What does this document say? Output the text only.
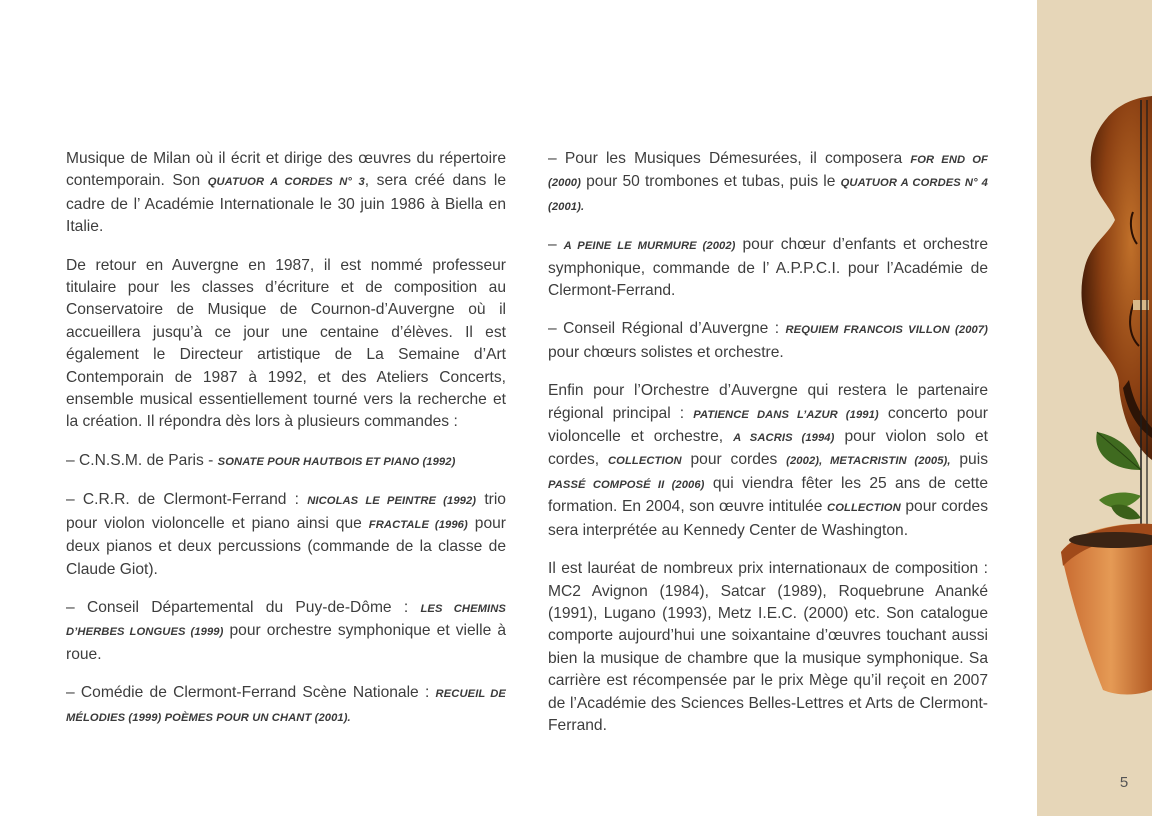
Musique de Milan où il écrit et dirige des œuvres du répertoire contemporain. Son QUATUOR A CORDES N° 3, sera créé dans le cadre de l’ Académie Internationale le 30 juin 1986 à Biella en Italie.

De retour en Auvergne en 1987, il est nommé professeur titulaire pour les classes d’écriture et de composition au Conservatoire de Musique de Cournon-d’Auvergne où il accueillera jusqu’à ce jour une centaine d’élèves. Il est également le Directeur artistique de La Semaine d’Art Contemporain de 1987 à 1992, et des Ateliers Concerts, ensemble musical essentiellement tourné vers la recherche et la création. Il répondra dès lors à plusieurs commandes :

– C.N.S.M. de Paris - SONATE POUR HAUTBOIS ET PIANO (1992)

– C.R.R. de Clermont-Ferrand : NICOLAS LE PEINTRE (1992) trio pour violon violoncelle et piano ainsi que FRACTALE (1996) pour deux pianos et deux percussions (commande de la classe de Claude Giot).

– Conseil Départemental du Puy-de-Dôme : LES CHEMINS D’HERBES LONGUES (1999) pour orchestre symphonique et vielle à roue.

– Comédie de Clermont-Ferrand Scène Nationale : RECUEIL DE MÉLODIES (1999) POÈMES POUR UN CHANT (2001).

– Pour les Musiques Démesurées, il composera FOR END OF (2000) pour 50 trombones et tubas, puis le QUATUOR A CORDES N° 4 (2001).

– A PEINE LE MURMURE (2002) pour chœur d’enfants et orchestre symphonique, commande de l’ A.P.P.C.I. pour l’Académie de Clermont-Ferrand.

– Conseil Régional d’Auvergne : REQUIEM FRANCOIS VILLON (2007) pour chœurs solistes et orchestre.

Enfin pour l’Orchestre d’Auvergne qui restera le partenaire régional principal : PATIENCE DANS L’AZUR (1991) concerto pour violoncelle et orchestre, A SACRIS (1994) pour violon solo et cordes, COLLECTION pour cordes (2002), METACRISTIN (2005), puis PASSÉ COMPOSÉ II (2006) qui viendra fêter les 25 ans de cette formation. En 2004, son œuvre intitulée COLLECTION pour cordes sera interprétée au Kennedy Center de Washington.

Il est lauréat de nombreux prix internationaux de composition : MC2 Avignon (1984), Satcar (1989), Roquebrune Ananké (1991), Lugano (1993), Metz I.E.C. (2000) etc. Son catalogue comporte aujourd’hui une soixantaine d’œuvres touchant aussi bien la musique de chambre que la musique symphonique. Sa carrière est récompensée par le prix Mège qu’il reçoit en 2007 de l’Académie des Sciences Belles-Lettres et Arts de Clermont-Ferrand.

5
